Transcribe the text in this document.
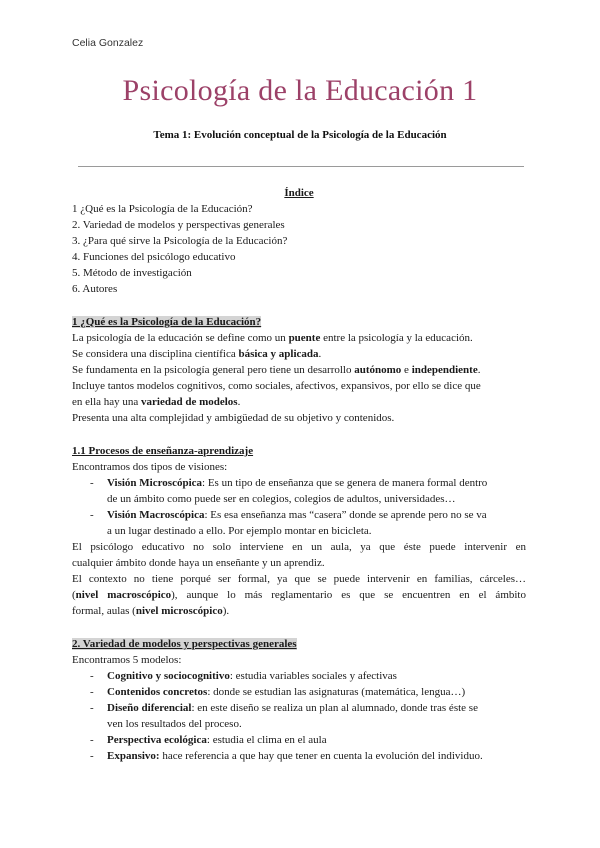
Celia Gonzalez
Psicología de la Educación 1
Tema 1: Evolución conceptual de la Psicología de la Educación
Índice
1 ¿Qué es la Psicología de la Educación?
2. Variedad de modelos y perspectivas generales
3. ¿Para qué sirve la Psicología de la Educación?
4. Funciones del psicólogo educativo
5. Método de investigación
6. Autores
1 ¿Qué es la Psicología de la Educación?
La psicología de la educación se define como un puente entre la psicología y la educación.
Se considera una disciplina científica básica y aplicada.
Se fundamenta en la psicología general pero tiene un desarrollo autónomo e independiente.
Incluye tantos modelos cognitivos, como sociales, afectivos, expansivos, por ello se dice que
en ella hay una variedad de modelos.
Presenta una alta complejidad y ambigüedad de su objetivo y contenidos.
1.1 Procesos de enseñanza-aprendizaje
Encontramos dos tipos de visiones:
- Visión Microscópica: Es un tipo de enseñanza que se genera de manera formal dentro
de un ámbito como puede ser en colegios, colegios de adultos, universidades…
- Visión Macroscópica: Es esa enseñanza mas “casera” donde se aprende pero no se va
a un lugar destinado a ello. Por ejemplo montar en bicicleta.
El psicólogo educativo no solo interviene en un aula, ya que éste puede intervenir en
cualquier ámbito donde haya un enseñante y un aprendiz.
El contexto no tiene porqué ser formal, ya que se puede intervenir en familias, cárceles…
(nivel macroscópico), aunque lo más reglamentario es que se encuentren en el ámbito
formal, aulas (nivel microscópico).
2. Variedad de modelos y perspectivas generales
Encontramos 5 modelos:
- Cognitivo y sociocognitivo: estudia variables sociales y afectivas
- Contenidos concretos: donde se estudian las asignaturas (matemática, lengua…)
- Diseño diferencial: en este diseño se realiza un plan al alumnado, donde tras éste se
ven los resultados del proceso.
- Perspectiva ecológica: estudia el clima en el aula
- Expansivo: hace referencia a que hay que tener en cuenta la evolución del individuo.
